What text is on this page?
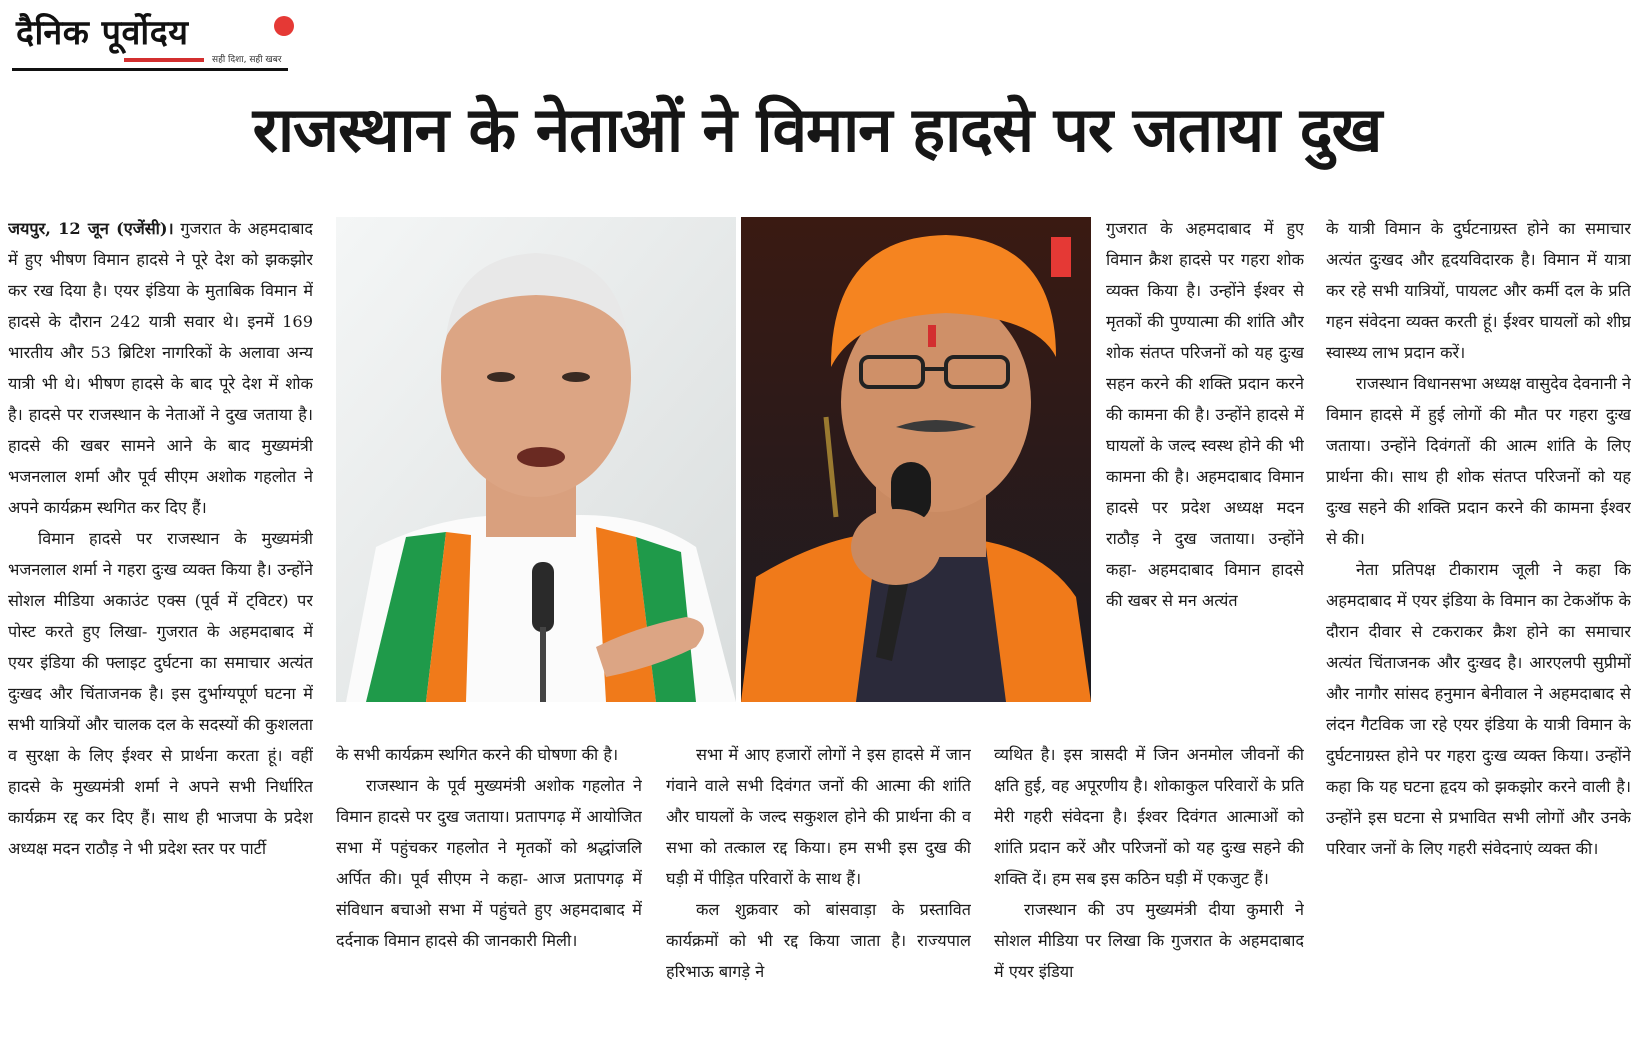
दैनिक पूर्वोदय
सही दिशा, सही खबर
राजस्थान के नेताओं ने विमान हादसे पर जताया दुख

जयपुर, 12 जून (एजेंसी)। गुजरात के अहमदाबाद में हुए भीषण विमान हादसे ने पूरे देश को झकझोर कर रख दिया है। एयर इंडिया के मुताबिक विमान में हादसे के दौरान 242 यात्री सवार थे। इनमें 169 भारतीय और 53 ब्रिटिश नागरिकों के अलावा अन्य यात्री भी थे। भीषण हादसे के बाद पूरे देश में शोक है। हादसे पर राजस्थान के नेताओं ने दुख जताया है। हादसे की खबर सामने आने के बाद मुख्यमंत्री भजनलाल शर्मा और पूर्व सीएम अशोक गहलोत ने अपने कार्यक्रम स्थगित कर दिए हैं।

विमान हादसे पर राजस्थान के मुख्यमंत्री भजनलाल शर्मा ने गहरा दुःख व्यक्त किया है। उन्होंने सोशल मीडिया अकाउंट एक्स (पूर्व में ट्विटर) पर पोस्ट करते हुए लिखा- गुजरात के अहमदाबाद में एयर इंडिया की फ्लाइट दुर्घटना का समाचार अत्यंत दुःखद और चिंताजनक है। इस दुर्भाग्यपूर्ण घटना में सभी यात्रियों और चालक दल के सदस्यों की कुशलता व सुरक्षा के लिए ईश्वर से प्रार्थना करता हूं। वहीं हादसे के मुख्यमंत्री शर्मा ने अपने सभी निर्धारित कार्यक्रम रद्द कर दिए हैं। साथ ही भाजपा के प्रदेश अध्यक्ष मदन राठौड़ ने भी प्रदेश स्तर पर पार्टी

के सभी कार्यक्रम स्थगित करने की घोषणा की है।

राजस्थान के पूर्व मुख्यमंत्री अशोक गहलोत ने विमान हादसे पर दुख जताया। प्रतापगढ़ में आयोजित सभा में पहुंचकर गहलोत ने मृतकों को श्रद्धांजलि अर्पित की। पूर्व सीएम ने कहा- आज प्रतापगढ़ में संविधान बचाओ सभा में पहुंचते हुए अहमदाबाद में दर्दनाक विमान हादसे की जानकारी मिली।

सभा में आए हजारों लोगों ने इस हादसे में जान गंवाने वाले सभी दिवंगत जनों की आत्मा की शांति और घायलों के जल्द सकुशल होने की प्रार्थना की व सभा को तत्काल रद्द किया। हम सभी इस दुख की घड़ी में पीड़ित परिवारों के साथ हैं।

कल शुक्रवार को बांसवाड़ा के प्रस्तावित कार्यक्रमों को भी रद्द किया जाता है। राज्यपाल हरिभाऊ बागड़े ने

गुजरात के अहमदाबाद में हुए विमान क्रैश हादसे पर गहरा शोक व्यक्त किया है। उन्होंने ईश्वर से मृतकों की पुण्यात्मा की शांति और शोक संतप्त परिजनों को यह दुःख सहन करने की शक्ति प्रदान करने की कामना की है। उन्होंने हादसे में घायलों के जल्द स्वस्थ होने की भी कामना की है। अहमदाबाद विमान हादसे पर प्रदेश अध्यक्ष मदन राठौड़ ने दुख जताया। उन्होंने कहा- अहमदाबाद विमान हादसे की खबर से मन अत्यंत

व्यथित है। इस त्रासदी में जिन अनमोल जीवनों की क्षति हुई, वह अपूरणीय है। शोकाकुल परिवारों के प्रति मेरी गहरी संवेदना है। ईश्वर दिवंगत आत्माओं को शांति प्रदान करें और परिजनों को यह दुःख सहने की शक्ति दें। हम सब इस कठिन घड़ी में एकजुट हैं।

राजस्थान की उप मुख्यमंत्री दीया कुमारी ने सोशल मीडिया पर लिखा कि गुजरात के अहमदाबाद में एयर इंडिया

के यात्री विमान के दुर्घटनाग्रस्त होने का समाचार अत्यंत दुःखद और हृदयविदारक है। विमान में यात्रा कर रहे सभी यात्रियों, पायलट और कर्मी दल के प्रति गहन संवेदना व्यक्त करती हूं। ईश्वर घायलों को शीघ्र स्वास्थ्य लाभ प्रदान करें।

राजस्थान विधानसभा अध्यक्ष वासुदेव देवनानी ने विमान हादसे में हुई लोगों की मौत पर गहरा दुःख जताया। उन्होंने दिवंगतों की आत्म शांति के लिए प्रार्थना की। साथ ही शोक संतप्त परिजनों को यह दुःख सहने की शक्ति प्रदान करने की कामना ईश्वर से की।

नेता प्रतिपक्ष टीकाराम जूली ने कहा कि अहमदाबाद में एयर इंडिया के विमान का टेकऑफ के दौरान दीवार से टकराकर क्रैश होने का समाचार अत्यंत चिंताजनक और दुःखद है। आरएलपी सुप्रीमों और नागौर सांसद हनुमान बेनीवाल ने अहमदाबाद से लंदन गैटविक जा रहे एयर इंडिया के यात्री विमान के दुर्घटनाग्रस्त होने पर गहरा दुःख व्यक्त किया। उन्होंने कहा कि यह घटना हृदय को झकझोर करने वाली है। उन्होंने इस घटना से प्रभावित सभी लोगों और उनके परिवार जनों के लिए गहरी संवेदनाएं व्यक्त की।
